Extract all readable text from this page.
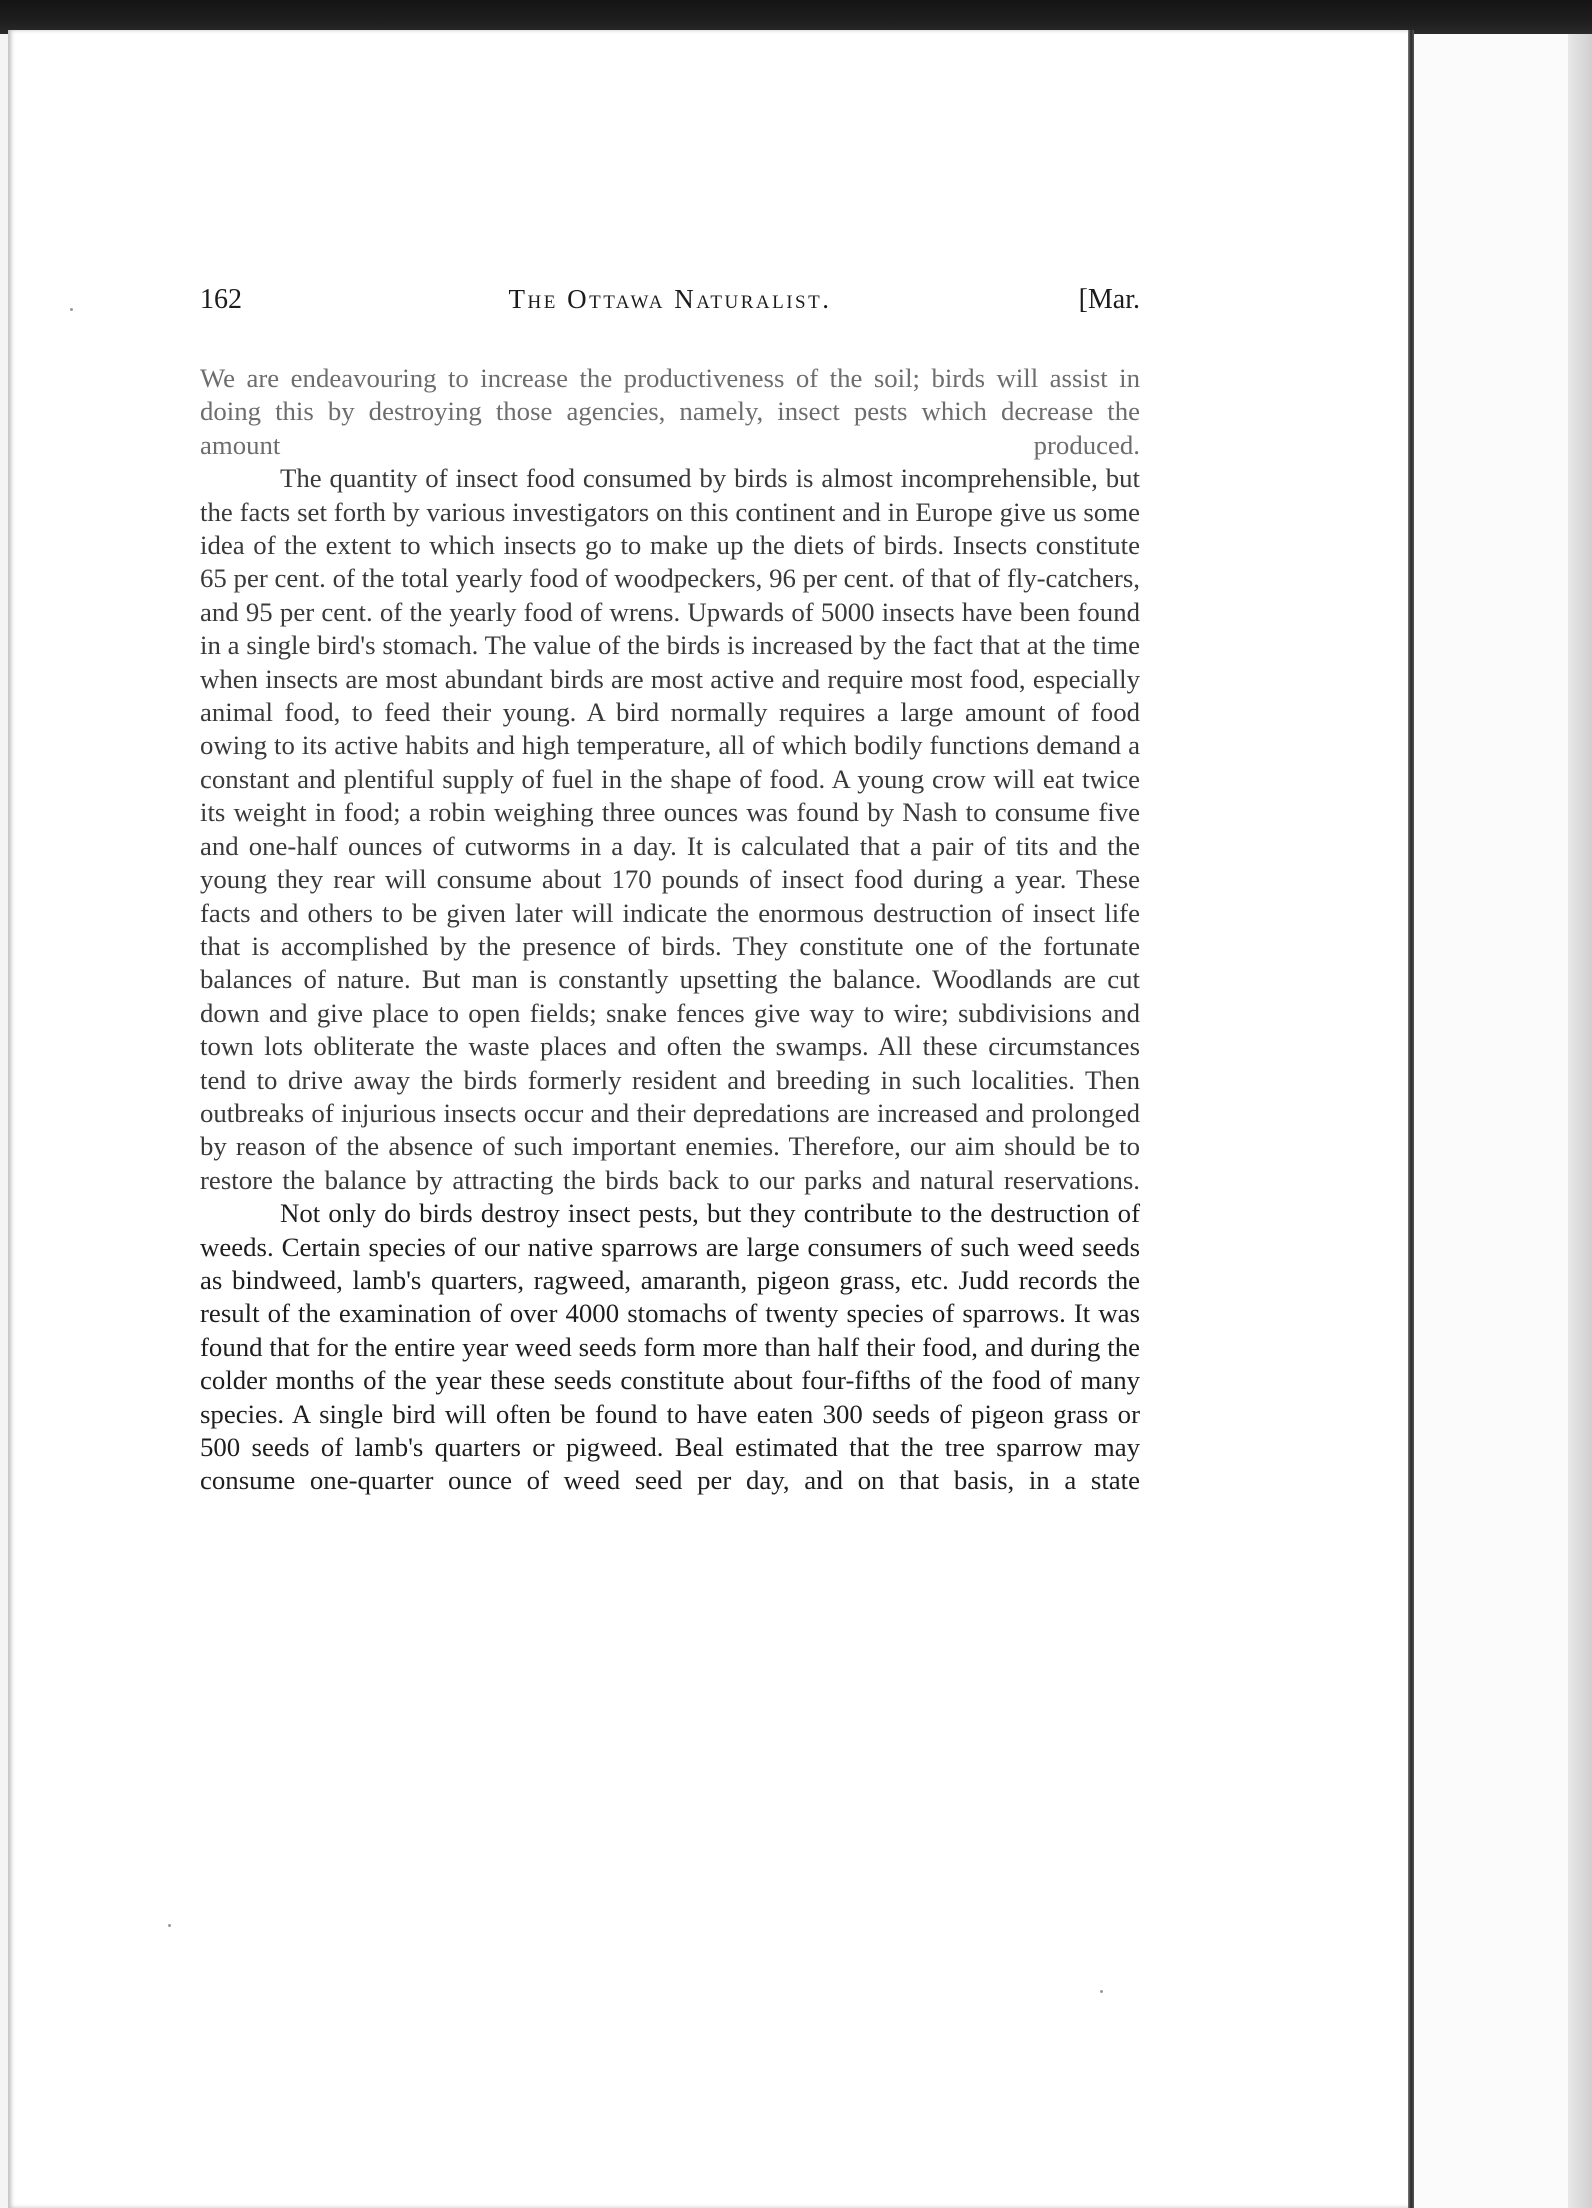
162	The Ottawa Naturalist.	[Mar.

We are endeavouring to increase the productiveness of the soil; birds will assist in doing this by destroying those agencies, namely, insect pests which decrease the amount produced.

The quantity of insect food consumed by birds is almost incomprehensible, but the facts set forth by various investigators on this continent and in Europe give us some idea of the extent to which insects go to make up the diets of birds. Insects constitute 65 per cent. of the total yearly food of woodpeckers, 96 per cent. of that of fly-catchers, and 95 per cent. of the yearly food of wrens. Upwards of 5000 insects have been found in a single bird's stomach. The value of the birds is increased by the fact that at the time when insects are most abundant birds are most active and require most food, especially animal food, to feed their young. A bird normally requires a large amount of food owing to its active habits and high temperature, all of which bodily functions demand a constant and plentiful supply of fuel in the shape of food. A young crow will eat twice its weight in food; a robin weighing three ounces was found by Nash to consume five and one-half ounces of cutworms in a day. It is calculated that a pair of tits and the young they rear will consume about 170 pounds of insect food during a year. These facts and others to be given later will indicate the enormous destruction of insect life that is accomplished by the presence of birds. They constitute one of the fortunate balances of nature. But man is constantly upsetting the balance. Woodlands are cut down and give place to open fields; snake fences give way to wire; subdivisions and town lots obliterate the waste places and often the swamps. All these circumstances tend to drive away the birds formerly resident and breeding in such localities. Then outbreaks of injurious insects occur and their depredations are increased and prolonged by reason of the absence of such important enemies. Therefore, our aim should be to restore the balance by attracting the birds back to our parks and natural reservations.

Not only do birds destroy insect pests, but they contribute to the destruction of weeds. Certain species of our native sparrows are large consumers of such weed seeds as bindweed, lamb's quarters, ragweed, amaranth, pigeon grass, etc. Judd records the result of the examination of over 4000 stomachs of twenty species of sparrows. It was found that for the entire year weed seeds form more than half their food, and during the colder months of the year these seeds constitute about four-fifths of the food of many species. A single bird will often be found to have eaten 300 seeds of pigeon grass or 500 seeds of lamb's quarters or pigweed. Beal estimated that the tree sparrow may consume one-quarter ounce of weed seed per day, and on that basis, in a state
